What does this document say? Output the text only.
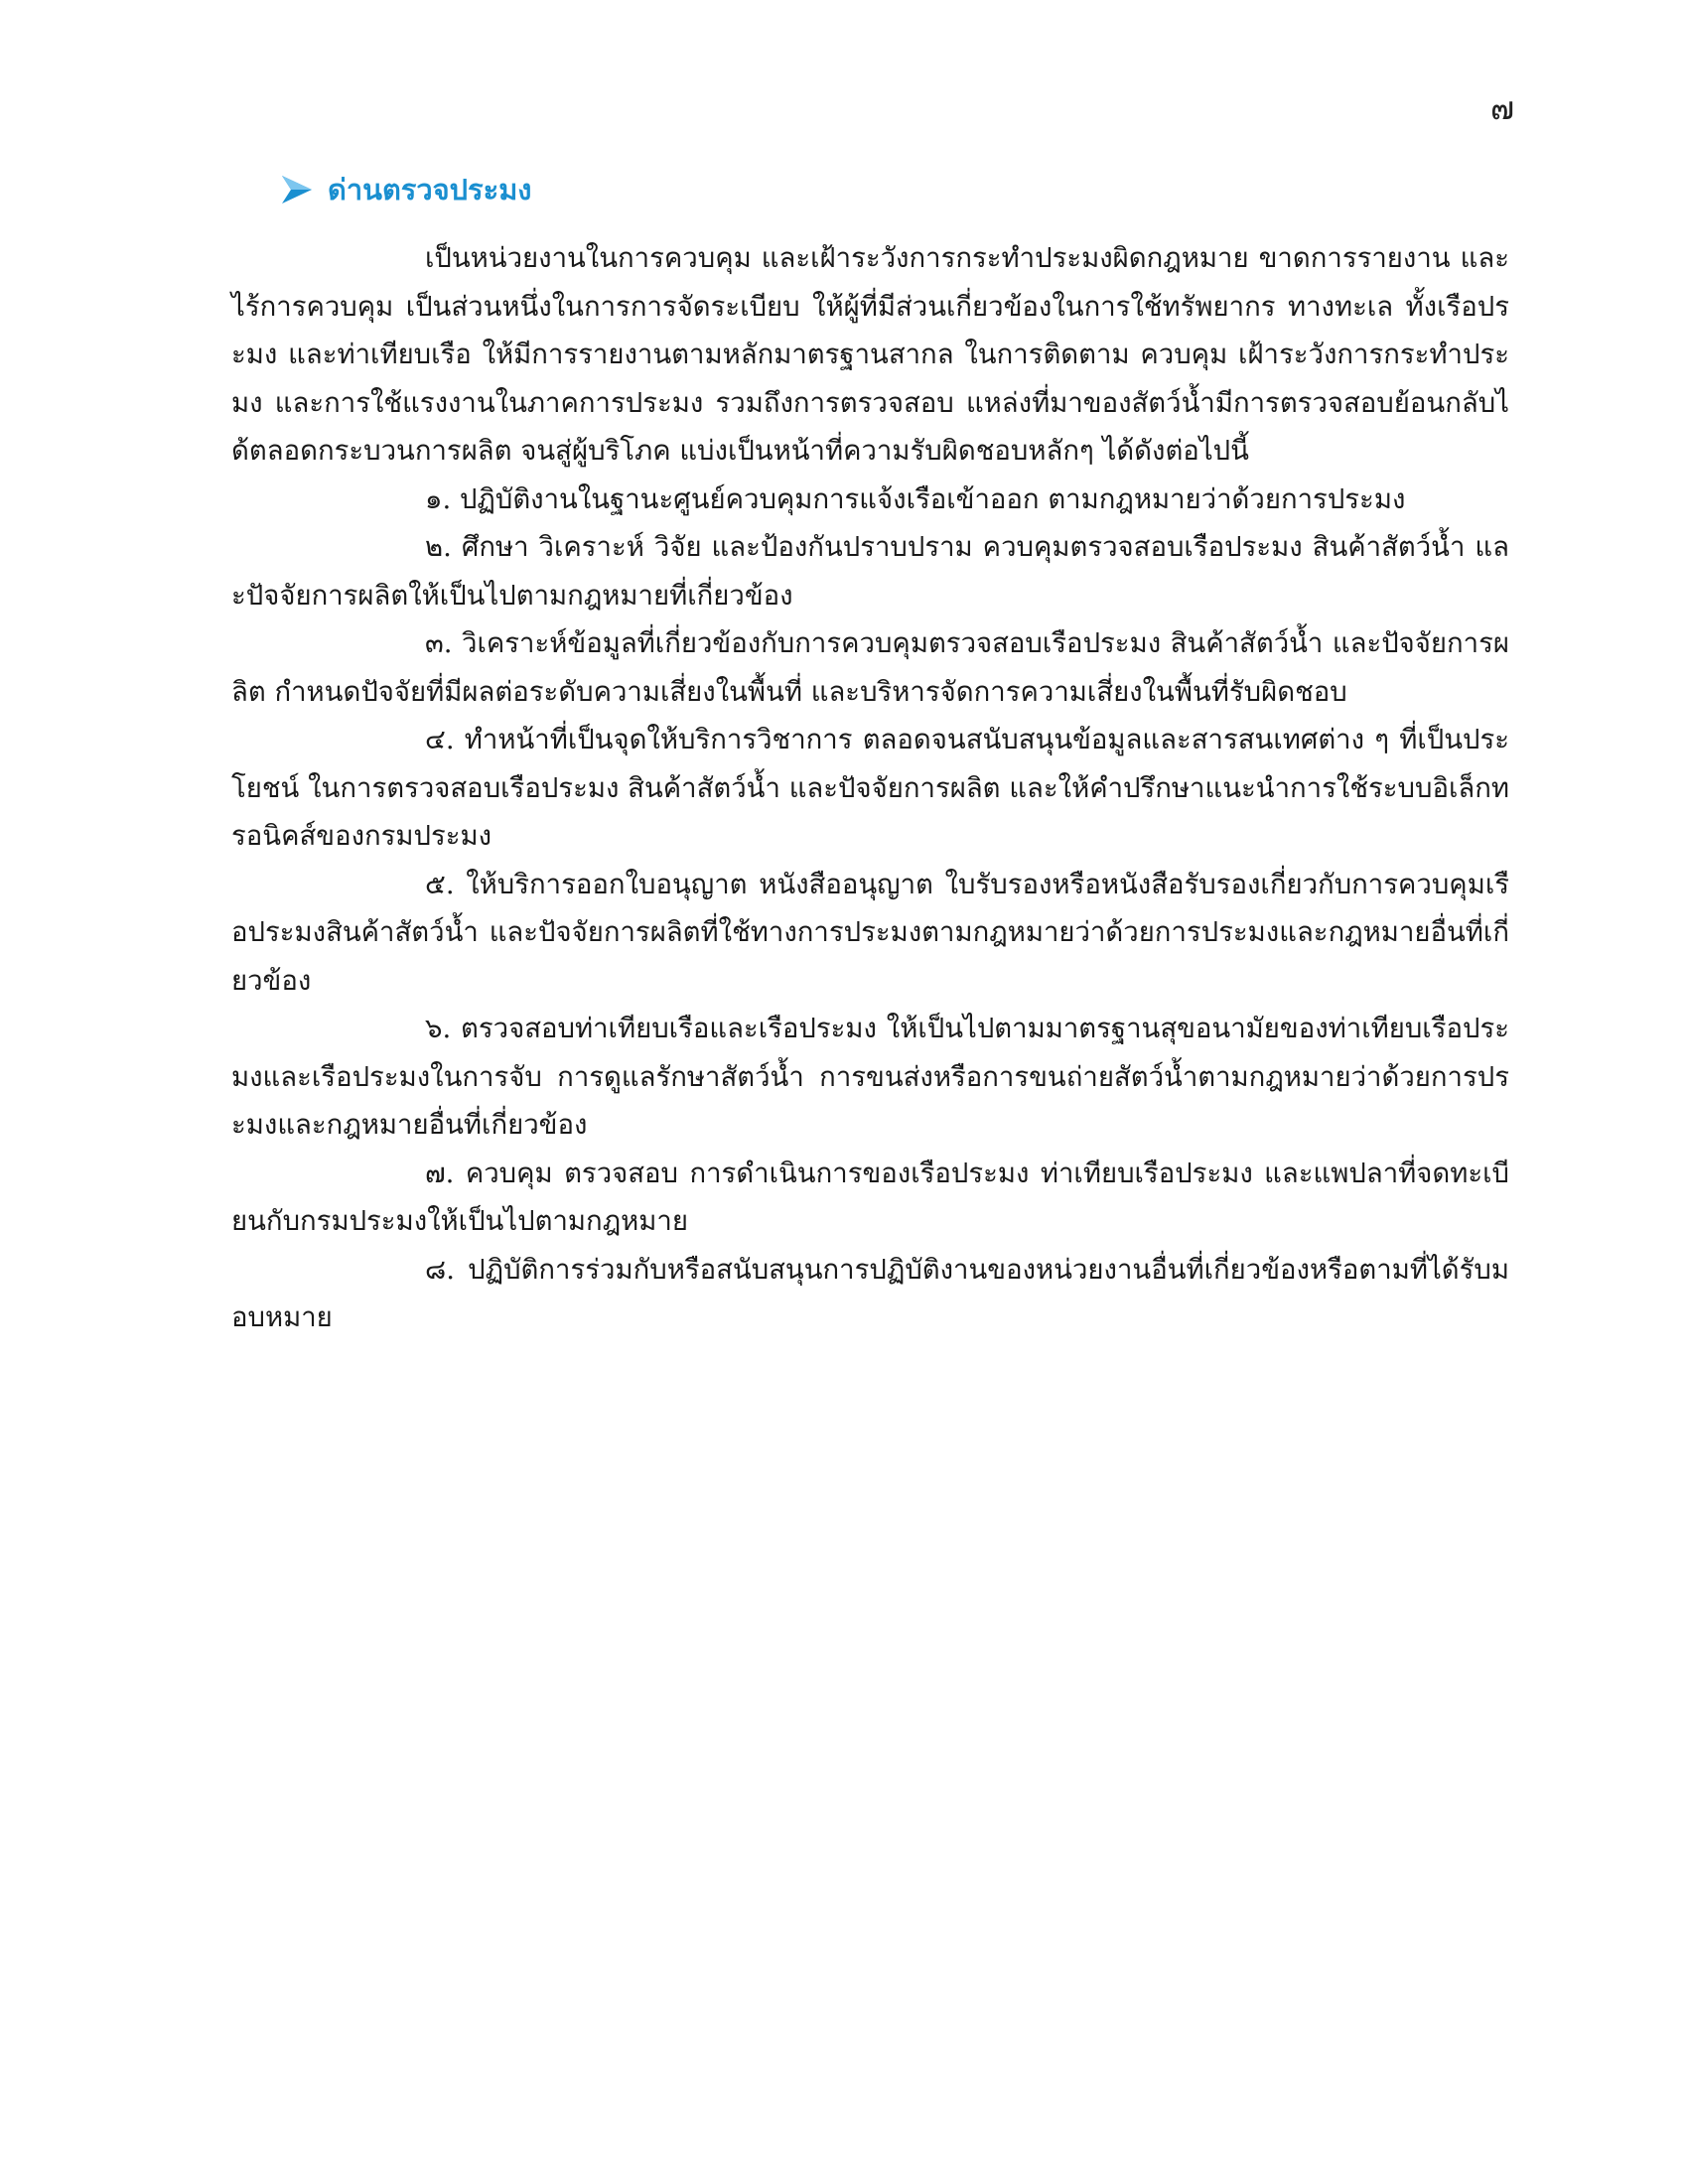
๗
ด่านตรวจประมง

เป็นหน่วยงานในการควบคุม และเฝ้าระวังการกระทำประมงผิดกฎหมาย ขาดการรายงาน และไร้การควบคุม เป็นส่วนหนึ่งในการการจัดระเบียบ ให้ผู้ที่มีส่วนเกี่ยวข้องในการใช้ทรัพยากร ทางทะเล ทั้งเรือประมง และท่าเทียบเรือ ให้มีการรายงานตามหลักมาตรฐานสากล ในการติดตาม ควบคุม เฝ้าระวังการกระทำประมง และการใช้แรงงานในภาคการประมง รวมถึงการตรวจสอบ แหล่งที่มาของสัตว์น้ำมีการตรวจสอบย้อนกลับได้ตลอดกระบวนการผลิต จนสู่ผู้บริโภค แบ่งเป็นหน้าที่ความรับผิดชอบหลักๆ ได้ดังต่อไปนี้

๑. ปฏิบัติงานในฐานะศูนย์ควบคุมการแจ้งเรือเข้าออก ตามกฎหมายว่าด้วยการประมง

๒. ศึกษา วิเคราะห์ วิจัย และป้องกันปราบปราม ควบคุมตรวจสอบเรือประมง สินค้าสัตว์น้ำ และปัจจัยการผลิตให้เป็นไปตามกฎหมายที่เกี่ยวข้อง

๓. วิเคราะห์ข้อมูลที่เกี่ยวข้องกับการควบคุมตรวจสอบเรือประมง สินค้าสัตว์น้ำ และปัจจัยการผลิต กำหนดปัจจัยที่มีผลต่อระดับความเสี่ยงในพื้นที่ และบริหารจัดการความเสี่ยงในพื้นที่รับผิดชอบ

๔. ทำหน้าที่เป็นจุดให้บริการวิชาการ ตลอดจนสนับสนุนข้อมูลและสารสนเทศต่าง ๆ ที่เป็นประโยชน์ ในการตรวจสอบเรือประมง สินค้าสัตว์น้ำ และปัจจัยการผลิต และให้คำปรึกษาแนะนำการใช้ระบบอิเล็กทรอนิคส์ของกรมประมง

๕. ให้บริการออกใบอนุญาต หนังสืออนุญาต ใบรับรองหรือหนังสือรับรองเกี่ยวกับการควบคุมเรือประมงสินค้าสัตว์น้ำ และปัจจัยการผลิตที่ใช้ทางการประมงตามกฎหมายว่าด้วยการประมงและกฎหมายอื่นที่เกี่ยวข้อง

๖. ตรวจสอบท่าเทียบเรือและเรือประมง ให้เป็นไปตามมาตรฐานสุขอนามัยของท่าเทียบเรือประมงและเรือประมงในการจับ การดูแลรักษาสัตว์น้ำ การขนส่งหรือการขนถ่ายสัตว์น้ำตามกฎหมายว่าด้วยการประมงและกฎหมายอื่นที่เกี่ยวข้อง

๗. ควบคุม ตรวจสอบ การดำเนินการของเรือประมง ท่าเทียบเรือประมง และแพปลาที่จดทะเบียนกับกรมประมงให้เป็นไปตามกฎหมาย

๘. ปฏิบัติการร่วมกับหรือสนับสนุนการปฏิบัติงานของหน่วยงานอื่นที่เกี่ยวข้องหรือตามที่ได้รับมอบหมาย
